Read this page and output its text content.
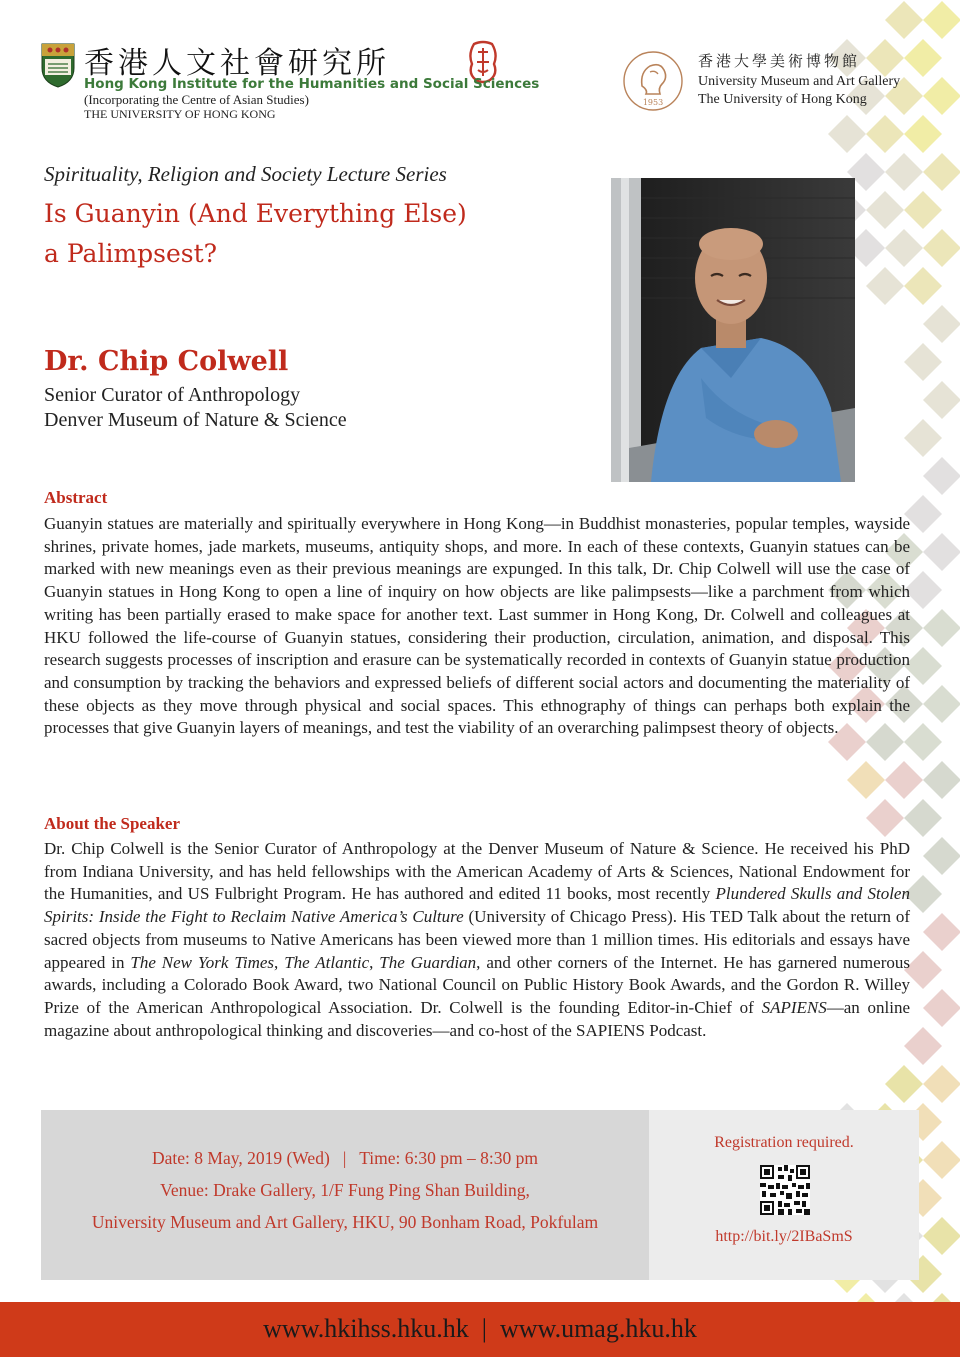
香港人文社會研究所
Hong Kong Institute for the Humanities and Social Sciences
(Incorporating the Centre of Asian Studies)
THE UNIVERSITY OF HONG KONG
1953
香港大學美術博物館
University Museum and Art Gallery
The University of Hong Kong
Spirituality, Religion and Society Lecture Series
Is Guanyin (And Everything Else)
a Palimpsest?
Dr. Chip Colwell
Senior Curator of Anthropology
Denver Museum of Nature & Science
Abstract
Guanyin statues are materially and spiritually everywhere in Hong Kong—in Buddhist monasteries, popular temples, wayside shrines, private homes, jade markets, museums, antiquity shops, and more. In each of these contexts, Guanyin statues can be marked with new meanings even as their previous meanings are expunged. In this talk, Dr. Chip Colwell will use the case of Guanyin statues in Hong Kong to open a line of inquiry on how objects are like palimpsests—like a parchment from which writing has been partially erased to make space for another text. Last summer in Hong Kong, Dr. Colwell and colleagues at HKU followed the life-course of Guanyin statues, considering their production, circulation, animation, and disposal. This research suggests processes of inscription and erasure can be systematically recorded in contexts of Guanyin statue production and consumption by tracking the behaviors and expressed beliefs of different social actors and documenting the materiality of these objects as they move through physical and social spaces. This ethnography of things can perhaps both explain the processes that give Guanyin layers of meanings, and test the viability of an overarching palimpsest theory of objects.
About the Speaker
Dr. Chip Colwell is the Senior Curator of Anthropology at the Denver Museum of Nature & Science. He received his PhD from Indiana University, and has held fellowships with the American Academy of Arts & Sciences, National Endowment for the Humanities, and US Fulbright Program. He has authored and edited 11 books, most recently Plundered Skulls and Stolen Spirits: Inside the Fight to Reclaim Native America’s Culture (University of Chicago Press). His TED Talk about the return of sacred objects from museums to Native Americans has been viewed more than 1 million times. His editorials and essays have appeared in The New York Times, The Atlantic, The Guardian, and other corners of the Internet. He has garnered numerous awards, including a Colorado Book Award, two National Council on Public History Book Awards, and the Gordon R. Willey Prize of the American Anthropological Association. Dr. Colwell is the founding Editor-in-Chief of SAPIENS—an online magazine about anthropological thinking and discoveries—and co-host of the SAPIENS Podcast.
Date: 8 May, 2019 (Wed)   |   Time: 6:30 pm – 8:30 pm
Venue: Drake Gallery, 1/F Fung Ping Shan Building,
University Museum and Art Gallery, HKU, 90 Bonham Road, Pokfulam
Registration required.
http://bit.ly/2IBaSmS
www.hkihss.hku.hk  |  www.umag.hku.hk
